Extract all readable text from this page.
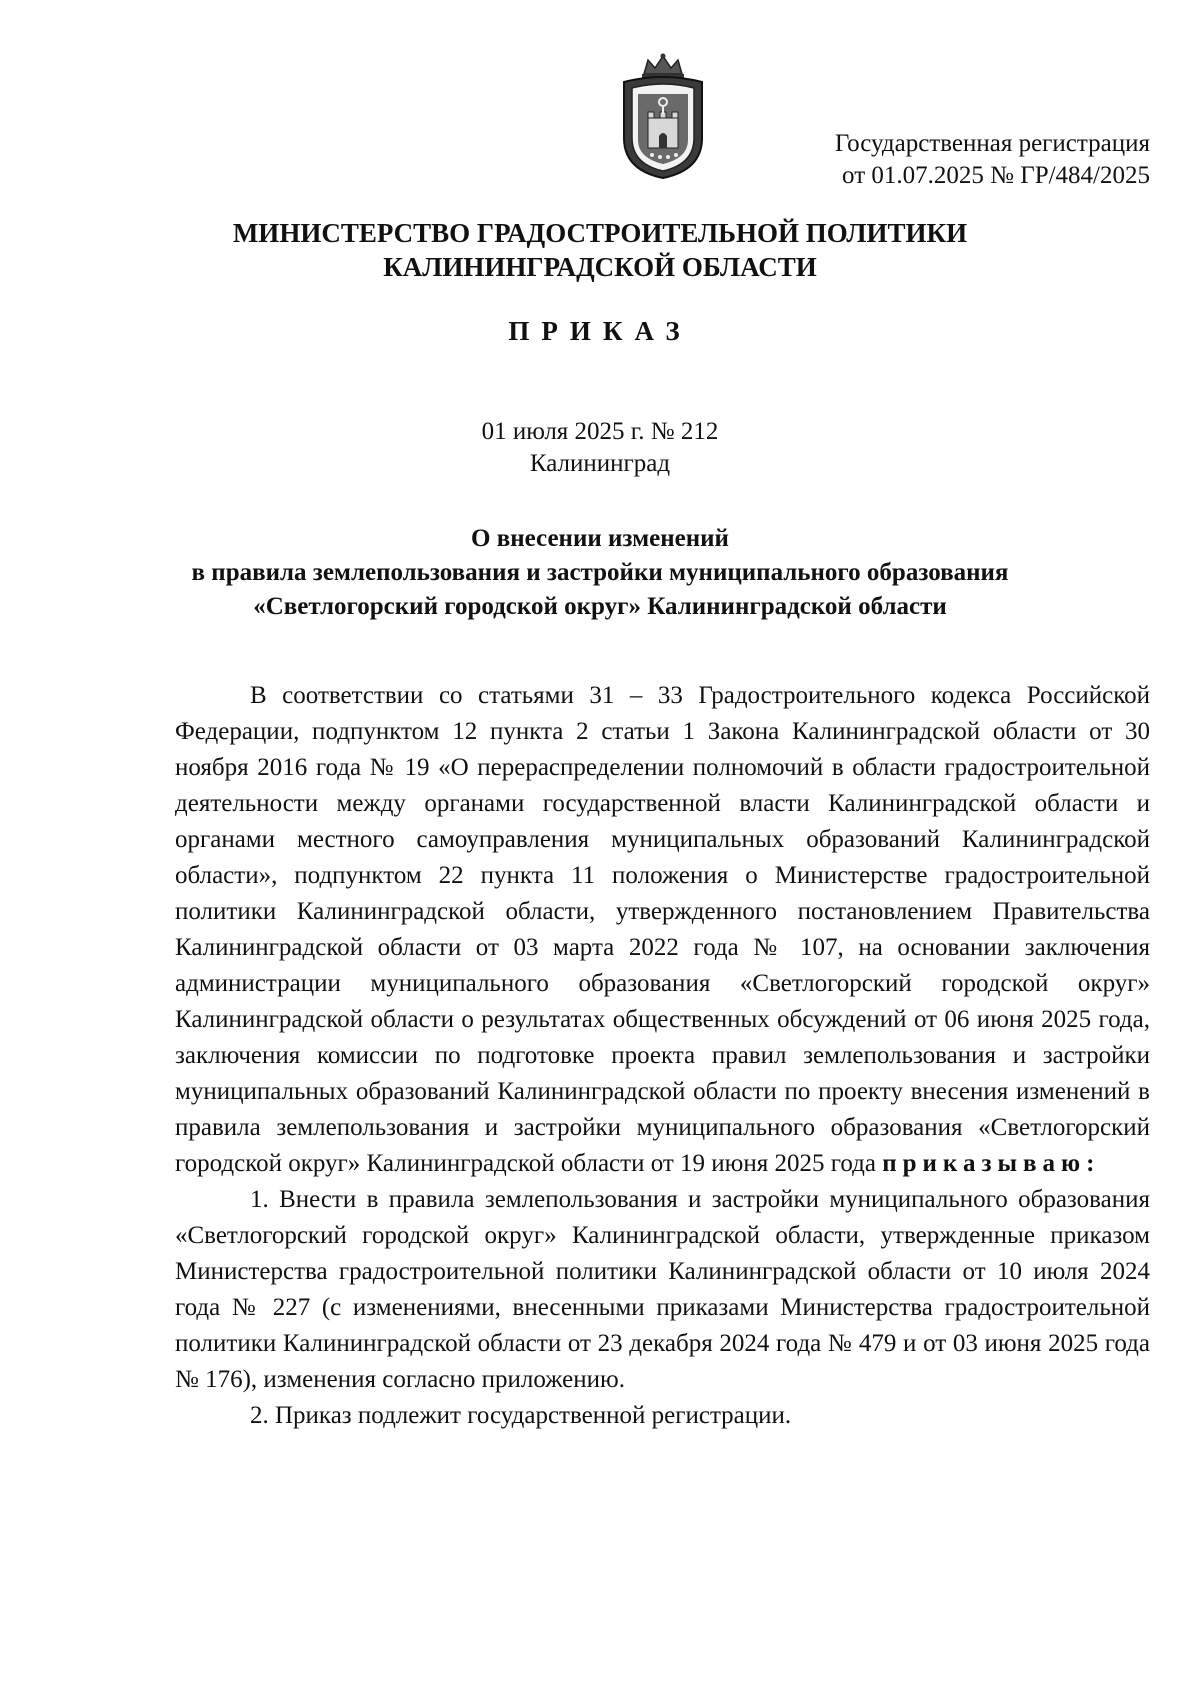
Государственная регистрация
от 01.07.2025 № ГР/484/2025
МИНИСТЕРСТВО ГРАДОСТРОИТЕЛЬНОЙ ПОЛИТИКИ
КАЛИНИНГРАДСКОЙ ОБЛАСТИ
ПРИКАЗ
01 июля 2025 г. № 212
Калининград
О внесении изменений
в правила землепользования и застройки муниципального образования
«Светлогорский городской округ» Калининградской области

В соответствии со статьями 31 – 33 Градостроительного кодекса Российской Федерации, подпунктом 12 пункта 2 статьи 1 Закона Калининградской области от 30 ноября 2016 года № 19 «О перераспределении полномочий в области градостроительной деятельности между органами государственной власти Калининградской области и органами местного самоуправления муниципальных образований Калининградской области», подпунктом 22 пункта 11 положения о Министерстве градостроительной политики Калининградской области, утвержденного постановлением Правительства Калининградской области от 03 марта 2022 года № 107, на основании заключения администрации муниципального образования «Светлогорский городской округ» Калининградской области о результатах общественных обсуждений от 06 июня 2025 года, заключения комиссии по подготовке проекта правил землепользования и застройки муниципальных образований Калининградской области по проекту внесения изменений в правила землепользования и застройки муниципального образования «Светлогорский городской округ» Калининградской области от 19 июня 2025 года приказываю:

1. Внести в правила землепользования и застройки муниципального образования «Светлогорский городской округ» Калининградской области, утвержденные приказом Министерства градостроительной политики Калининградской области от 10 июля 2024 года № 227 (с изменениями, внесенными приказами Министерства градостроительной политики Калининградской области от 23 декабря 2024 года № 479 и от 03 июня 2025 года № 176), изменения согласно приложению.

2. Приказ подлежит государственной регистрации.
